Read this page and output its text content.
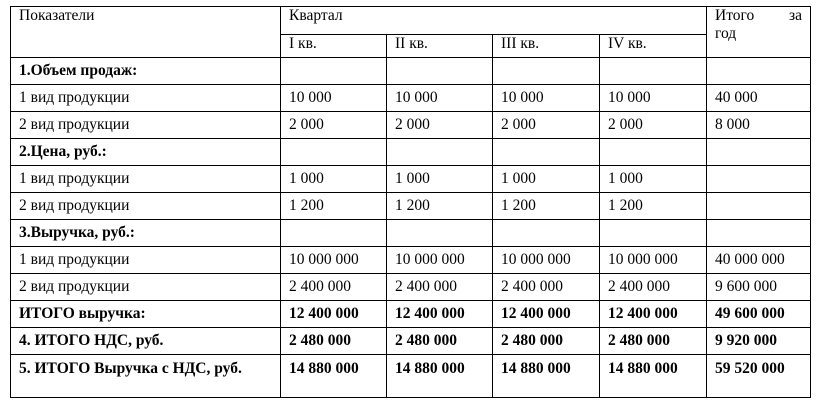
Показатели	Квартал				Итого за
год

	I кв.	II кв.	III кв.	IV кв.	
1.Объем продаж:					
1 вид продукции	10 000	10 000	10 000	10 000	40 000
2 вид продукции	2 000	2 000	2 000	2 000	8 000
2.Цена, руб.:					
1 вид продукции	1 000	1 000	1 000	1 000	
2 вид продукции	1 200	1 200	1 200	1 200	
3.Выручка, руб.:					
1 вид продукции	10 000 000	10 000 000	10 000 000	10 000 000	40 000 000
2 вид продукции	2 400 000	2 400 000	2 400 000	2 400 000	9 600 000
ИТОГО выручка:	12 400 000	12 400 000	12 400 000	12 400 000	49 600 000
4. ИТОГО НДС, руб.	2 480 000	2 480 000	2 480 000	2 480 000	9 920 000
5. ИТОГО Выручка с НДС, руб.	14 880 000	14 880 000	14 880 000	14 880 000	59 520 000
